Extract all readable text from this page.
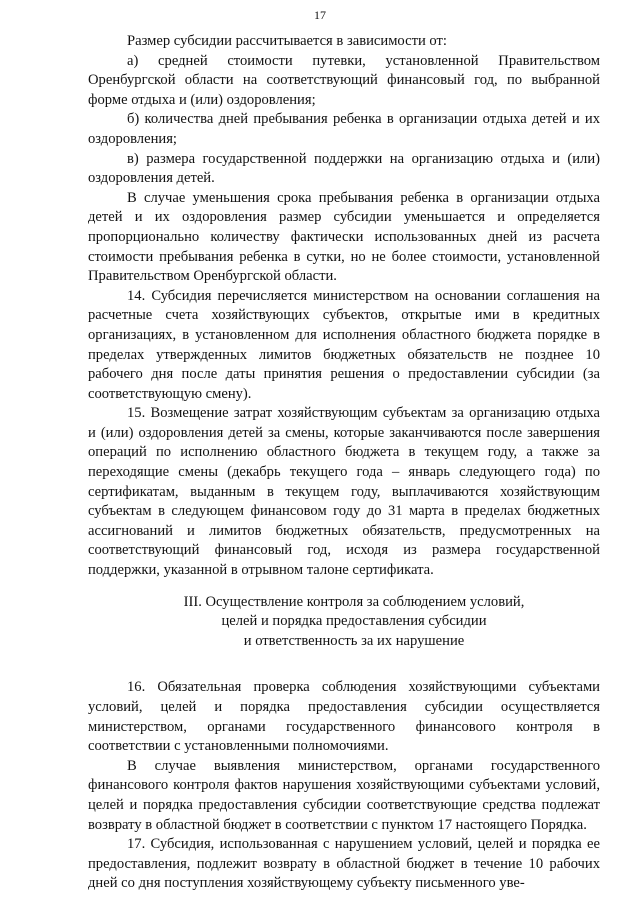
17

Размер субсидии рассчитывается в зависимости от:

а) средней стоимости путевки, установленной Правительством Оренбургской области на соответствующий финансовый год, по выбранной форме отдыха и (или) оздоровления;

б) количества дней пребывания ребенка в организации отдыха детей и их оздоровления;

в) размера государственной поддержки на организацию отдыха и (или) оздоровления детей.

В случае уменьшения срока пребывания ребенка в организации отдыха детей и их оздоровления размер субсидии уменьшается и определяется пропорционально количеству фактически использованных дней из расчета стоимости пребывания ребенка в сутки, но не более стоимости, установленной Правительством Оренбургской области.

14. Субсидия перечисляется министерством на основании соглашения на расчетные счета хозяйствующих субъектов, открытые ими в кредитных организациях, в установленном для исполнения областного бюджета порядке в пределах утвержденных лимитов бюджетных обязательств не позднее 10 рабочего дня после даты принятия решения о предоставлении субсидии (за соответствующую смену).

15. Возмещение затрат хозяйствующим субъектам за организацию отдыха и (или) оздоровления детей за смены, которые заканчиваются после завершения операций по исполнению областного бюджета в текущем году, а также за переходящие смены (декабрь текущего года – январь следующего года) по сертификатам, выданным в текущем году, выплачиваются хозяйствующим субъектам в следующем финансовом году до 31 марта в пределах бюджетных ассигнований и лимитов бюджетных обязательств, предусмотренных на соответствующий финансовый год, исходя из размера государственной поддержки, указанной в отрывном талоне сертификата.

III. Осуществление контроля за соблюдением условий,
целей и порядка предоставления субсидии
и ответственность за их нарушение

16. Обязательная проверка соблюдения хозяйствующими субъектами условий, целей и порядка предоставления субсидии осуществляется министерством, органами государственного финансового контроля в соответствии с установленными полномочиями.

В случае выявления министерством, органами государственного финансового контроля фактов нарушения хозяйствующими субъектами условий, целей и порядка предоставления субсидии соответствующие средства подлежат возврату в областной бюджет в соответствии с пунктом 17 настоящего Порядка.

17. Субсидия, использованная с нарушением условий, целей и порядка ее предоставления, подлежит возврату в областной бюджет в течение 10 рабочих дней со дня поступления хозяйствующему субъекту письменного уве-
